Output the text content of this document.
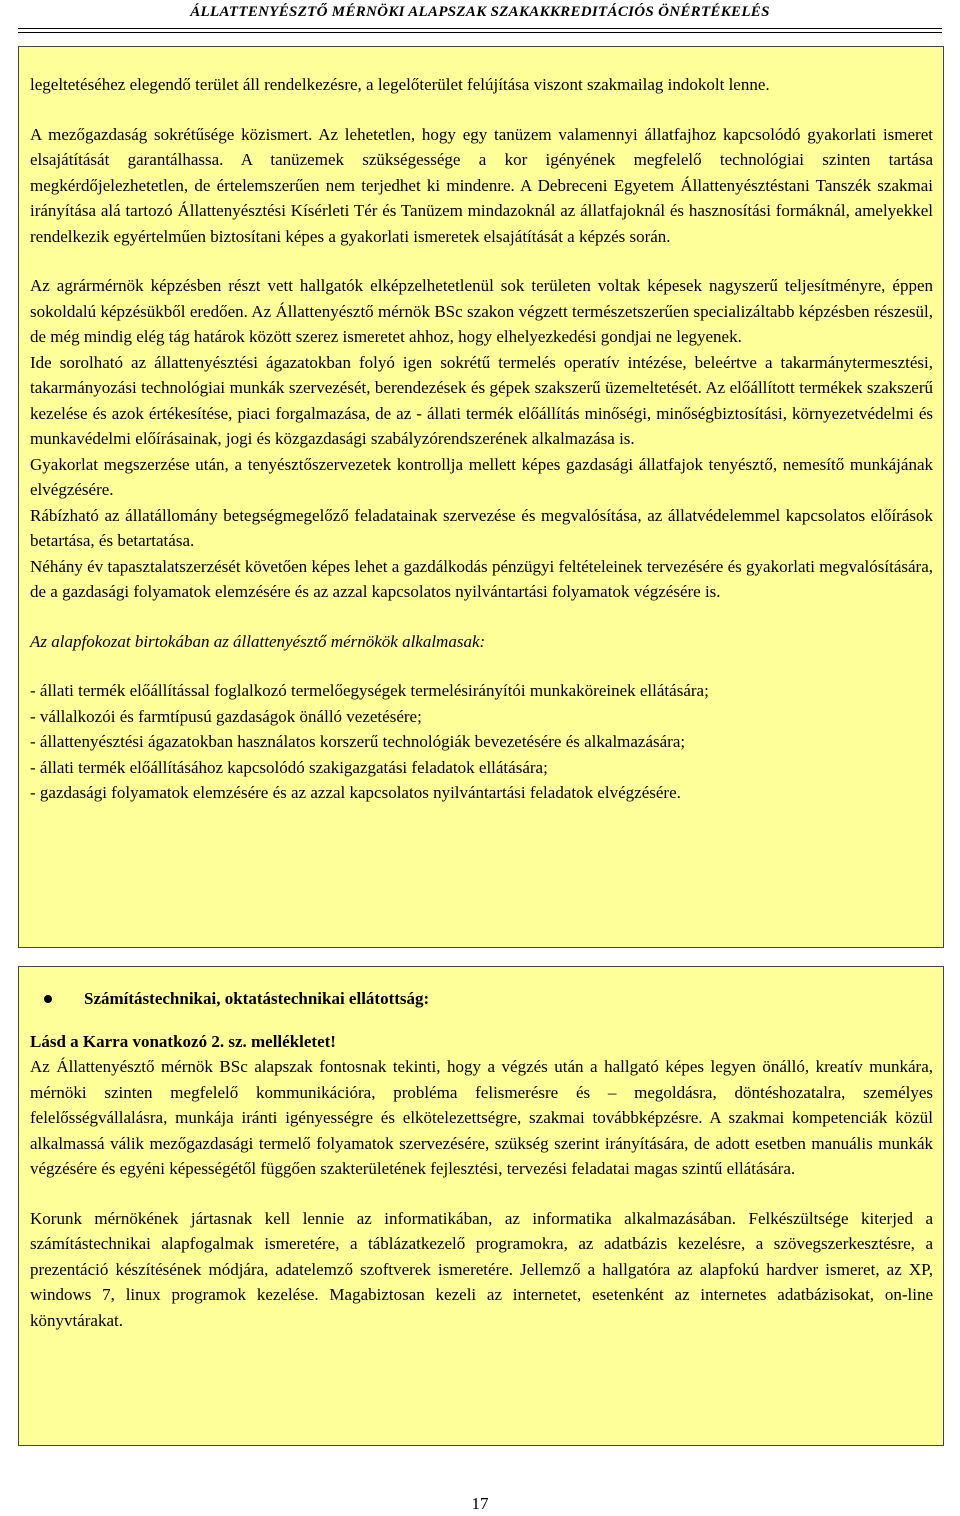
ÁLLATTENYÉSZTŐ MÉRNÖKI ALAPSZAK SZAKAKKREDITÁCIÓS ÖNÉRTÉKELÉS

legeltetéséhez elegendő terület áll rendelkezésre, a legelőterület felújítása viszont szakmailag indokolt lenne.

A mezőgazdaság sokrétűsége közismert. Az lehetetlen, hogy egy tanüzem valamennyi állatfajhoz kapcsolódó gyakorlati ismeret elsajátítását garantálhassa. A tanüzemek szükségessége a kor igényének megfelelő technológiai szinten tartása megkérdőjelezhetetlen, de értelemszerűen nem terjedhet ki mindenre. A Debreceni Egyetem Állattenyésztéstani Tanszék szakmai irányítása alá tartozó Állattenyésztési Kísérleti Tér és Tanüzem mindazoknál az állatfajoknál és hasznosítási formáknál, amelyekkel rendelkezik egyértelműen biztosítani képes a gyakorlati ismeretek elsajátítását a képzés során.

Az agrármérnök képzésben részt vett hallgatók elképzelhetetlenül sok területen voltak képesek nagyszerű teljesítményre, éppen sokoldalú képzésükből eredően. Az Állattenyésztő mérnök BSc szakon végzett természetszerűen specializáltabb képzésben részesül, de még mindig elég tág határok között szerez ismeretet ahhoz, hogy elhelyezkedési gondjai ne legyenek.

Ide sorolható az állattenyésztési ágazatokban folyó igen sokrétű termelés operatív intézése, beleértve a takarmánytermesztési, takarmányozási technológiai munkák szervezését, berendezések és gépek szakszerű üzemeltetését. Az előállított termékek szakszerű kezelése és azok értékesítése, piaci forgalmazása, de az - állati termék előállítás minőségi, minőségbiztosítási, környezetvédelmi és munkavédelmi előírásainak, jogi és közgazdasági szabályzórendszerének alkalmazása is.

Gyakorlat megszerzése után, a tenyésztőszervezetek kontrollja mellett képes gazdasági állatfajok tenyésztő, nemesítő munkájának elvégzésére.

Rábízható az állatállomány betegségmegelőző feladatainak szervezése és megvalósítása, az állatvédelemmel kapcsolatos előírások betartása, és betartatása.

Néhány év tapasztalatszerzését követően képes lehet a gazdálkodás pénzügyi feltételeinek tervezésére és gyakorlati megvalósítására, de a gazdasági folyamatok elemzésére és az azzal kapcsolatos nyilvántartási folyamatok végzésére is.

Az alapfokozat birtokában az állattenyésztő mérnökök alkalmasak:

- állati termék előállítással foglalkozó termelőegységek termelésirányítói munkaköreinek ellátására;
- vállalkozói és farmtípusú gazdaságok önálló vezetésére;
- állattenyésztési ágazatokban használatos korszerű technológiák bevezetésére és alkalmazására;
- állati termék előállításához kapcsolódó szakigazgatási feladatok ellátására;
- gazdasági folyamatok elemzésére és az azzal kapcsolatos nyilvántartási feladatok elvégzésére.
Számítástechnikai, oktatástechnikai ellátottság:

Lásd a Karra vonatkozó 2. sz. mellékletet!

Az Állattenyésztő mérnök BSc alapszak fontosnak tekinti, hogy a végzés után a hallgató képes legyen önálló, kreatív munkára, mérnöki szinten megfelelő kommunikációra, probléma felismerésre és – megoldásra, döntéshozatalra, személyes felelősségvállalásra, munkája iránti igényességre és elkötelezettségre, szakmai továbbképzésre. A szakmai kompetenciák közül alkalmassá válik mezőgazdasági termelő folyamatok szervezésére, szükség szerint irányítására, de adott esetben manuális munkák végzésére és egyéni képességétől függően szakterületének fejlesztési, tervezési feladatai magas szintű ellátására.

Korunk mérnökének jártasnak kell lennie az informatikában, az informatika alkalmazásában. Felkészültsége kiterjed a számítástechnikai alapfogalmak ismeretére, a táblázatkezelő programokra, az adatbázis kezelésre, a szövegszerkesztésre, a prezentáció készítésének módjára, adatelemző szoftverek ismeretére. Jellemző a hallgatóra az alapfokú hardver ismeret, az XP, windows 7, linux programok kezelése. Magabiztosan kezeli az internetet, esetenként az internetes adatbázisokat, on-line könyvtárakat.

17
